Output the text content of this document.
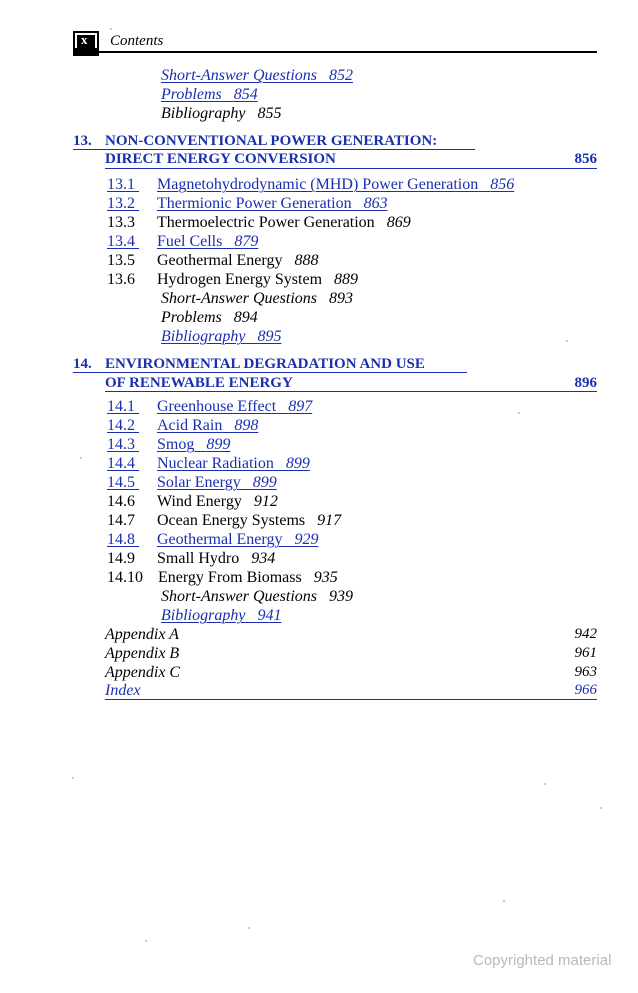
x Contents
Short-Answer Questions 852
Problems 854
Bibliography 855
13. NON-CONVENTIONAL POWER GENERATION:
DIRECT ENERGY CONVERSION	856
13.1 Magnetohydrodynamic (MHD) Power Generation 856
13.2 Thermionic Power Generation 863
13.3 Thermoelectric Power Generation 869
13.4 Fuel Cells 879
13.5 Geothermal Energy 888
13.6 Hydrogen Energy System 889
Short-Answer Questions 893
Problems 894
Bibliography 895
14. ENVIRONMENTAL DEGRADATION AND USE
OF RENEWABLE ENERGY	896
14.1 Greenhouse Effect 897
14.2 Acid Rain 898
14.3 Smog 899
14.4 Nuclear Radiation 899
14.5 Solar Energy 899
14.6 Wind Energy 912
14.7 Ocean Energy Systems 917
14.8 Geothermal Energy 929
14.9 Small Hydro 934
14.10 Energy From Biomass 935
Short-Answer Questions 939
Bibliography 941
Appendix A	942
Appendix B	961
Appendix C	963
Index	966
Copyrighted material
